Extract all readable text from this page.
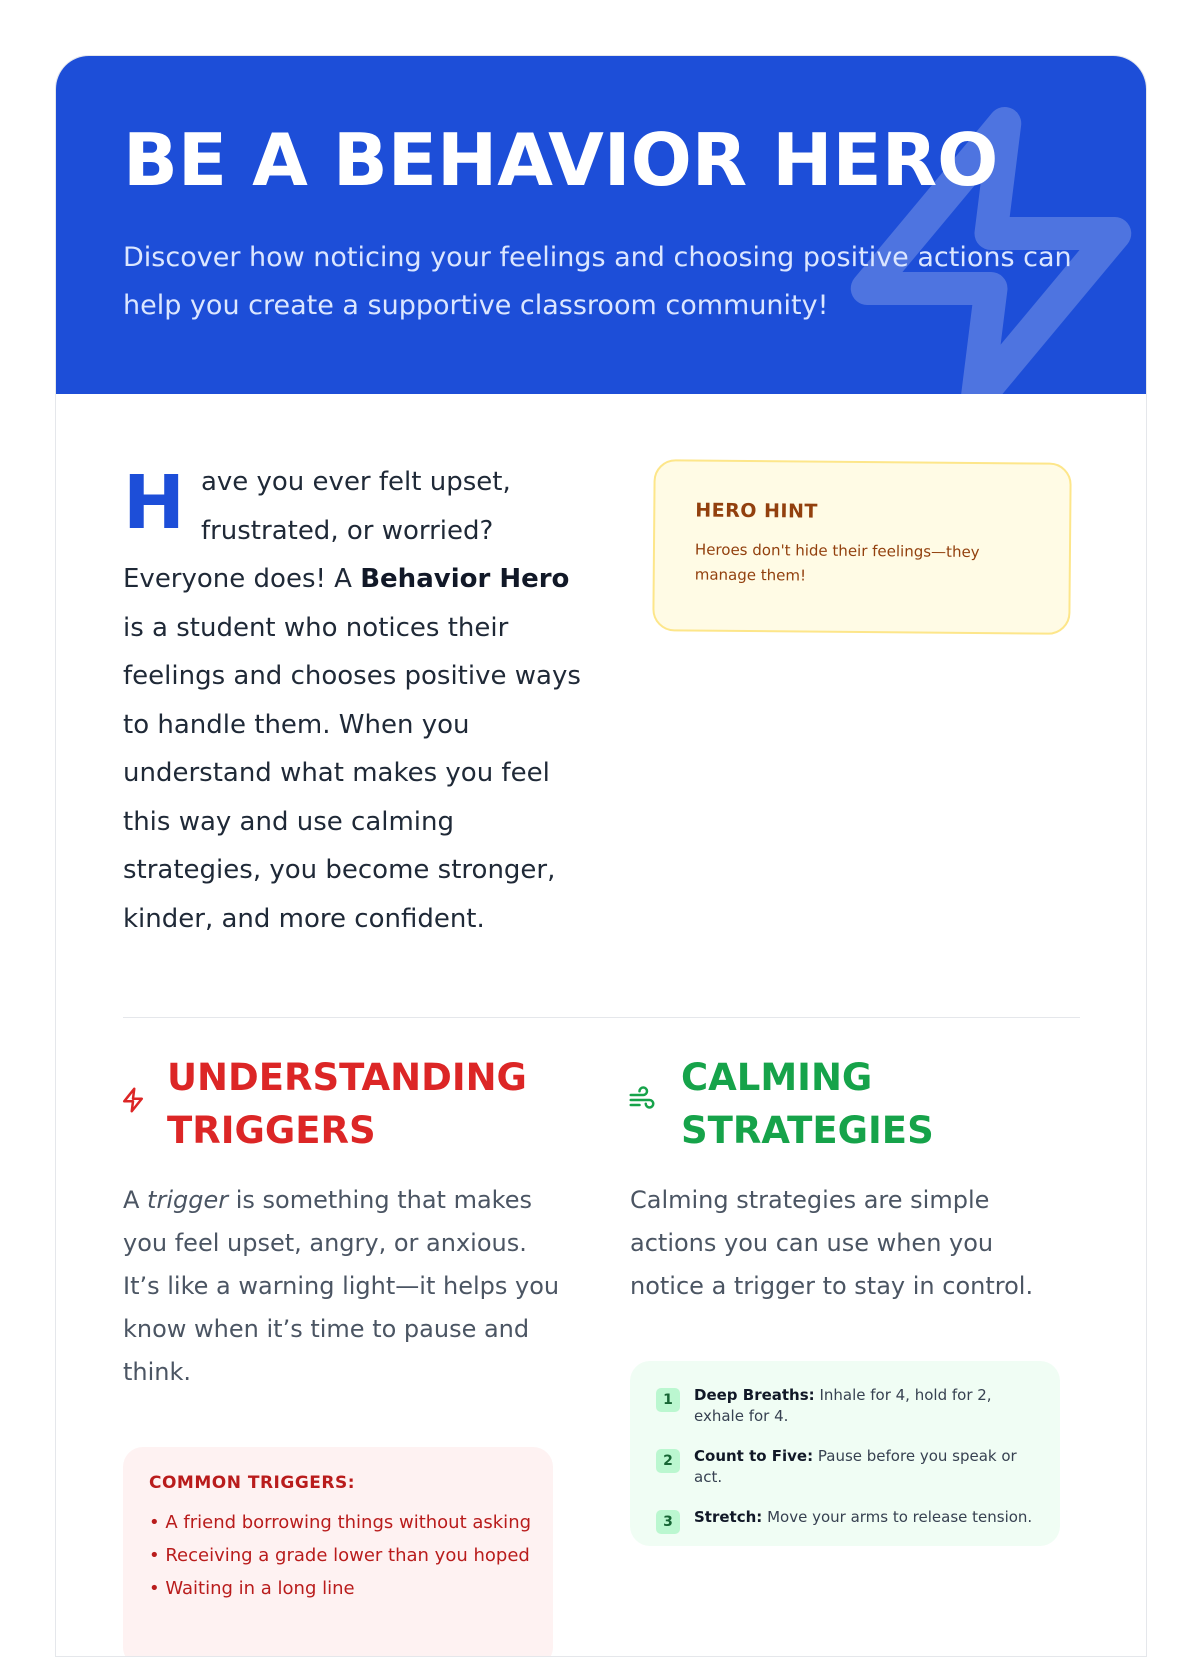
BE A BEHAVIOR HERO

Discover how noticing your feelings and choosing positive actions can help you create a supportive classroom community!

Have you ever felt upset, frustrated, or worried? Everyone does! A Behavior Hero is a student who notices their feelings and chooses positive ways to handle them. When you understand what makes you feel this way and use calming strategies, you become stronger, kinder, and more confident.

HERO HINT

Heroes don't hide their feelings—they manage them!

UNDERSTANDING
TRIGGERS

A trigger is something that makes you feel upset, angry, or anxious. It’s like a warning light—it helps you know when it’s time to pause and think.

COMMON TRIGGERS:

• A friend borrowing things without asking
• Receiving a grade lower than you hoped
• Waiting in a long line
CALMING
STRATEGIES

Calming strategies are simple actions you can use when you notice a trigger to stay in control.

1	Deep Breaths: Inhale for 4, hold for 2, exhale for 4.
2	Count to Five: Pause before you speak or act.
3	Stretch: Move your arms to release tension.
